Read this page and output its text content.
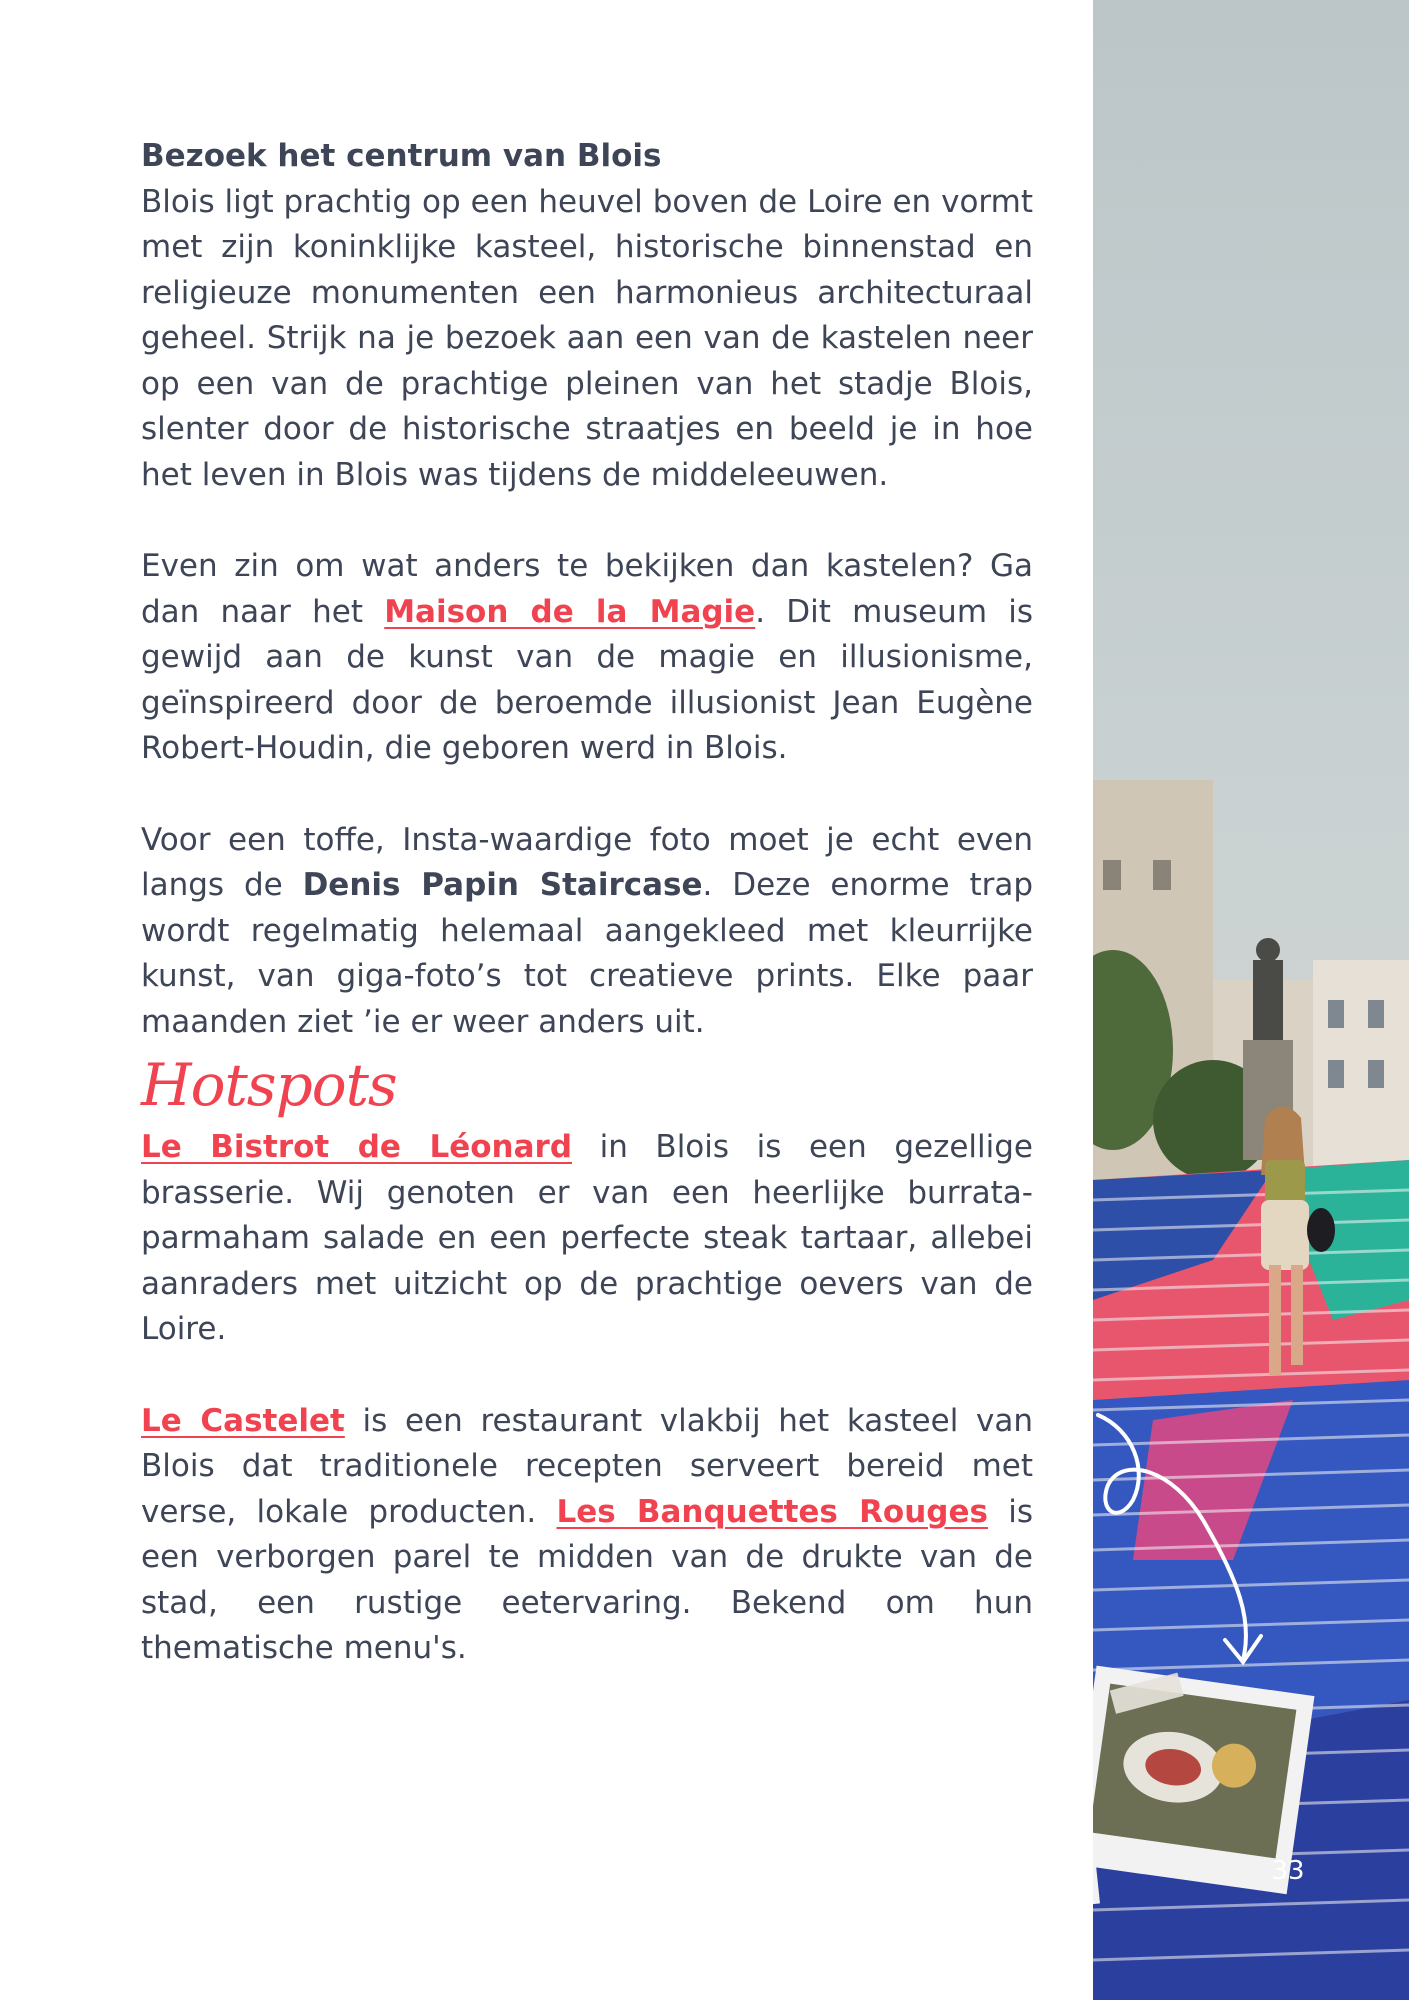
Bezoek het centrum van Blois

Blois ligt prachtig op een heuvel boven de Loire en vormt met zijn koninklijke kasteel, historische binnenstad en religieuze monumenten een harmonieus architecturaal geheel. Strijk na je bezoek aan een van de kastelen neer op een van de prachtige pleinen van het stadje Blois, slenter door de historische straatjes en beeld je in hoe het leven in Blois was tijdens de middeleeuwen.

Even zin om wat anders te bekijken dan kastelen? Ga dan naar het Maison de la Magie. Dit museum is gewijd aan de kunst van de magie en illusionisme, geïnspireerd door de beroemde illusionist Jean Eugène Robert-Houdin, die geboren werd in Blois.

Voor een toffe, Insta-waardige foto moet je echt even langs de Denis Papin Staircase. Deze enorme trap wordt regelmatig helemaal aangekleed met kleurrijke kunst, van giga-foto’s tot creatieve prints. Elke paar maanden ziet ’ie er weer anders uit.

Hotspots

Le Bistrot de Léonard in Blois is een gezellige brasserie. Wij genoten er van een heerlijke burrata-parmaham salade en een perfecte steak tartaar, allebei aanraders met uitzicht op de prachtige oevers van de Loire.

Le Castelet is een restaurant vlakbij het kasteel van Blois dat traditionele recepten serveert bereid met verse, lokale producten. Les Banquettes Rouges is een verborgen parel te midden van de drukte van de stad, een rustige eetervaring. Bekend om hun thematische menu's.

33
